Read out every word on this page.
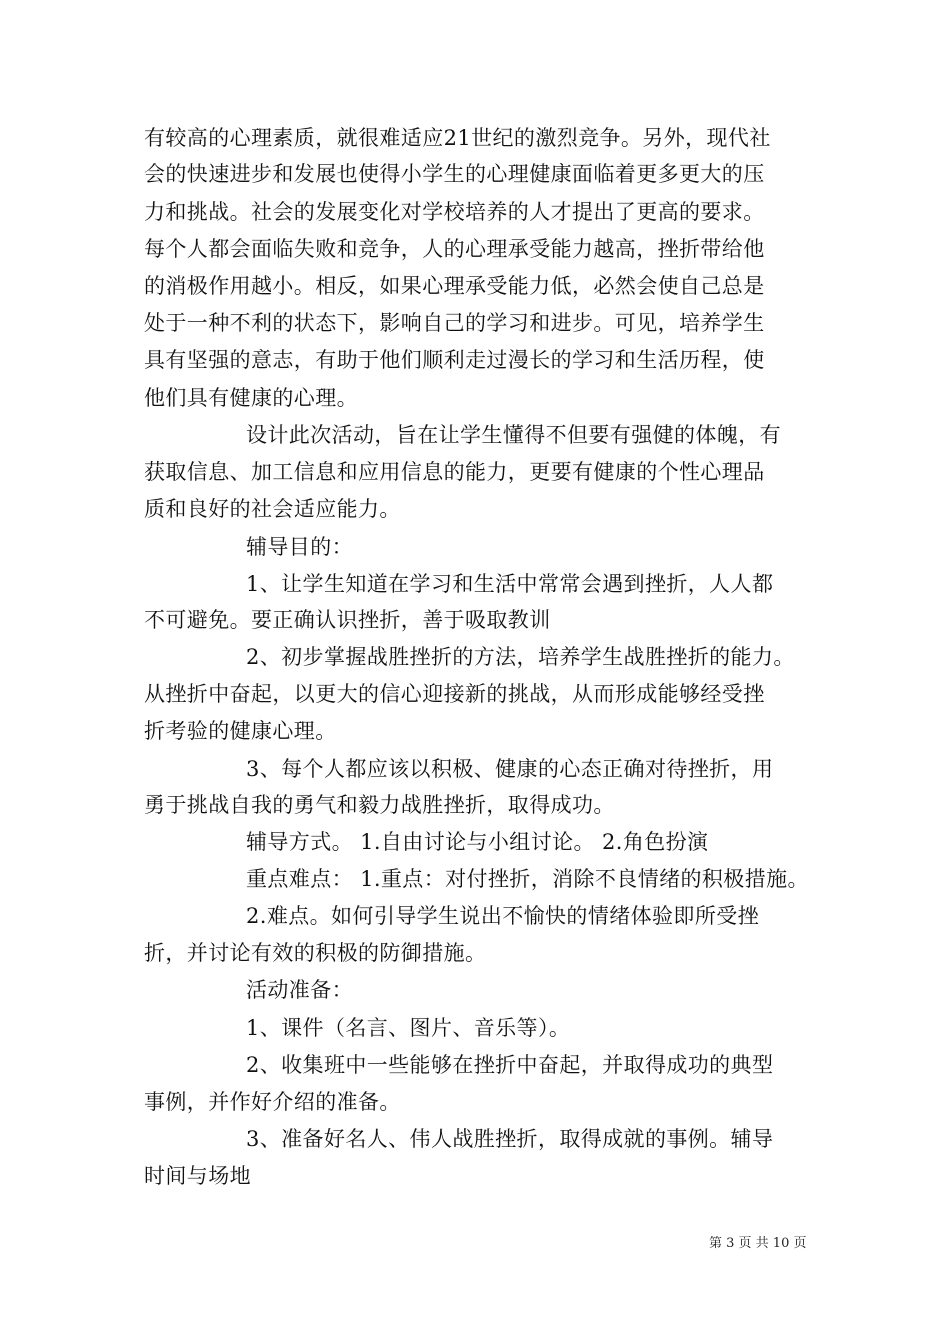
有较高的心理素质，就很难适应21世纪的激烈竞争。另外，现代社
会的快速进步和发展也使得小学生的心理健康面临着更多更大的压
力和挑战。社会的发展变化对学校培养的人才提出了更高的要求。
每个人都会面临失败和竞争，人的心理承受能力越高，挫折带给他
的消极作用越小。相反，如果心理承受能力低，必然会使自己总是
处于一种不利的状态下，影响自己的学习和进步。可见，培养学生
具有坚强的意志，有助于他们顺利走过漫长的学习和生活历程，使
他们具有健康的心理。
设计此次活动，旨在让学生懂得不但要有强健的体魄，有
获取信息、加工信息和应用信息的能力，更要有健康的个性心理品
质和良好的社会适应能力。
辅导目的：
1、让学生知道在学习和生活中常常会遇到挫折，人人都
不可避免。要正确认识挫折，善于吸取教训
2、初步掌握战胜挫折的方法，培养学生战胜挫折的能力。
从挫折中奋起，以更大的信心迎接新的挑战，从而形成能够经受挫
折考验的健康心理。
3、每个人都应该以积极、健康的心态正确对待挫折，用
勇于挑战自我的勇气和毅力战胜挫折，取得成功。
辅导方式。 1.自由讨论与小组讨论。 2.角色扮演
重点难点： 1.重点：对付挫折，消除不良情绪的积极措施。
2.难点。如何引导学生说出不愉快的情绪体验即所受挫
折，并讨论有效的积极的防御措施。
活动准备：
1、课件（名言、图片、音乐等）。
2、收集班中一些能够在挫折中奋起，并取得成功的典型
事例，并作好介绍的准备。
3、准备好名人、伟人战胜挫折，取得成就的事例。辅导
时间与场地
第 3 页 共 10 页
